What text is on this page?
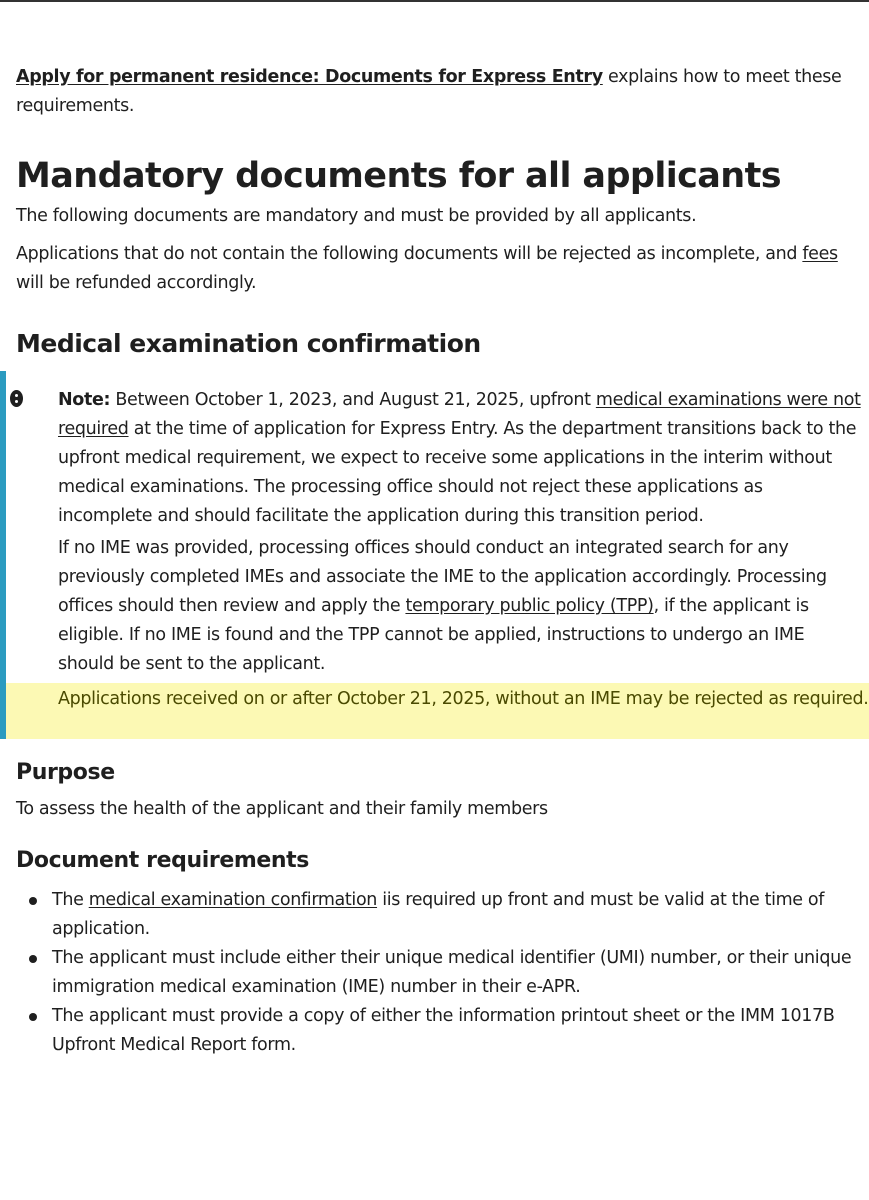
Apply for permanent residence: Documents for Express Entry explains how to meet these requirements.

Mandatory documents for all applicants

The following documents are mandatory and must be provided by all applicants.

Applications that do not contain the following documents will be rejected as incomplete, and fees will be refunded accordingly.

Medical examination confirmation

Note: Between October 1, 2023, and August 21, 2025, upfront medical examinations were not required at the time of application for Express Entry. As the department transitions back to the upfront medical requirement, we expect to receive some applications in the interim without medical examinations. The processing office should not reject these applications as incomplete and should facilitate the application during this transition period.

If no IME was provided, processing offices should conduct an integrated search for any previously completed IMEs and associate the IME to the application accordingly. Processing offices should then review and apply the temporary public policy (TPP), if the applicant is eligible. If no IME is found and the TPP cannot be applied, instructions to undergo an IME should be sent to the applicant.

Applications received on or after October 21, 2025, without an IME may be rejected as required.
Purpose

To assess the health of the applicant and their family members

Document requirements
The medical examination confirmation iis required up front and must be valid at the time of application.
The applicant must include either their unique medical identifier (UMI) number, or their unique immigration medical examination (IME) number in their e-APR.
The applicant must provide a copy of either the information printout sheet or the IMM 1017B Upfront Medical Report form.
